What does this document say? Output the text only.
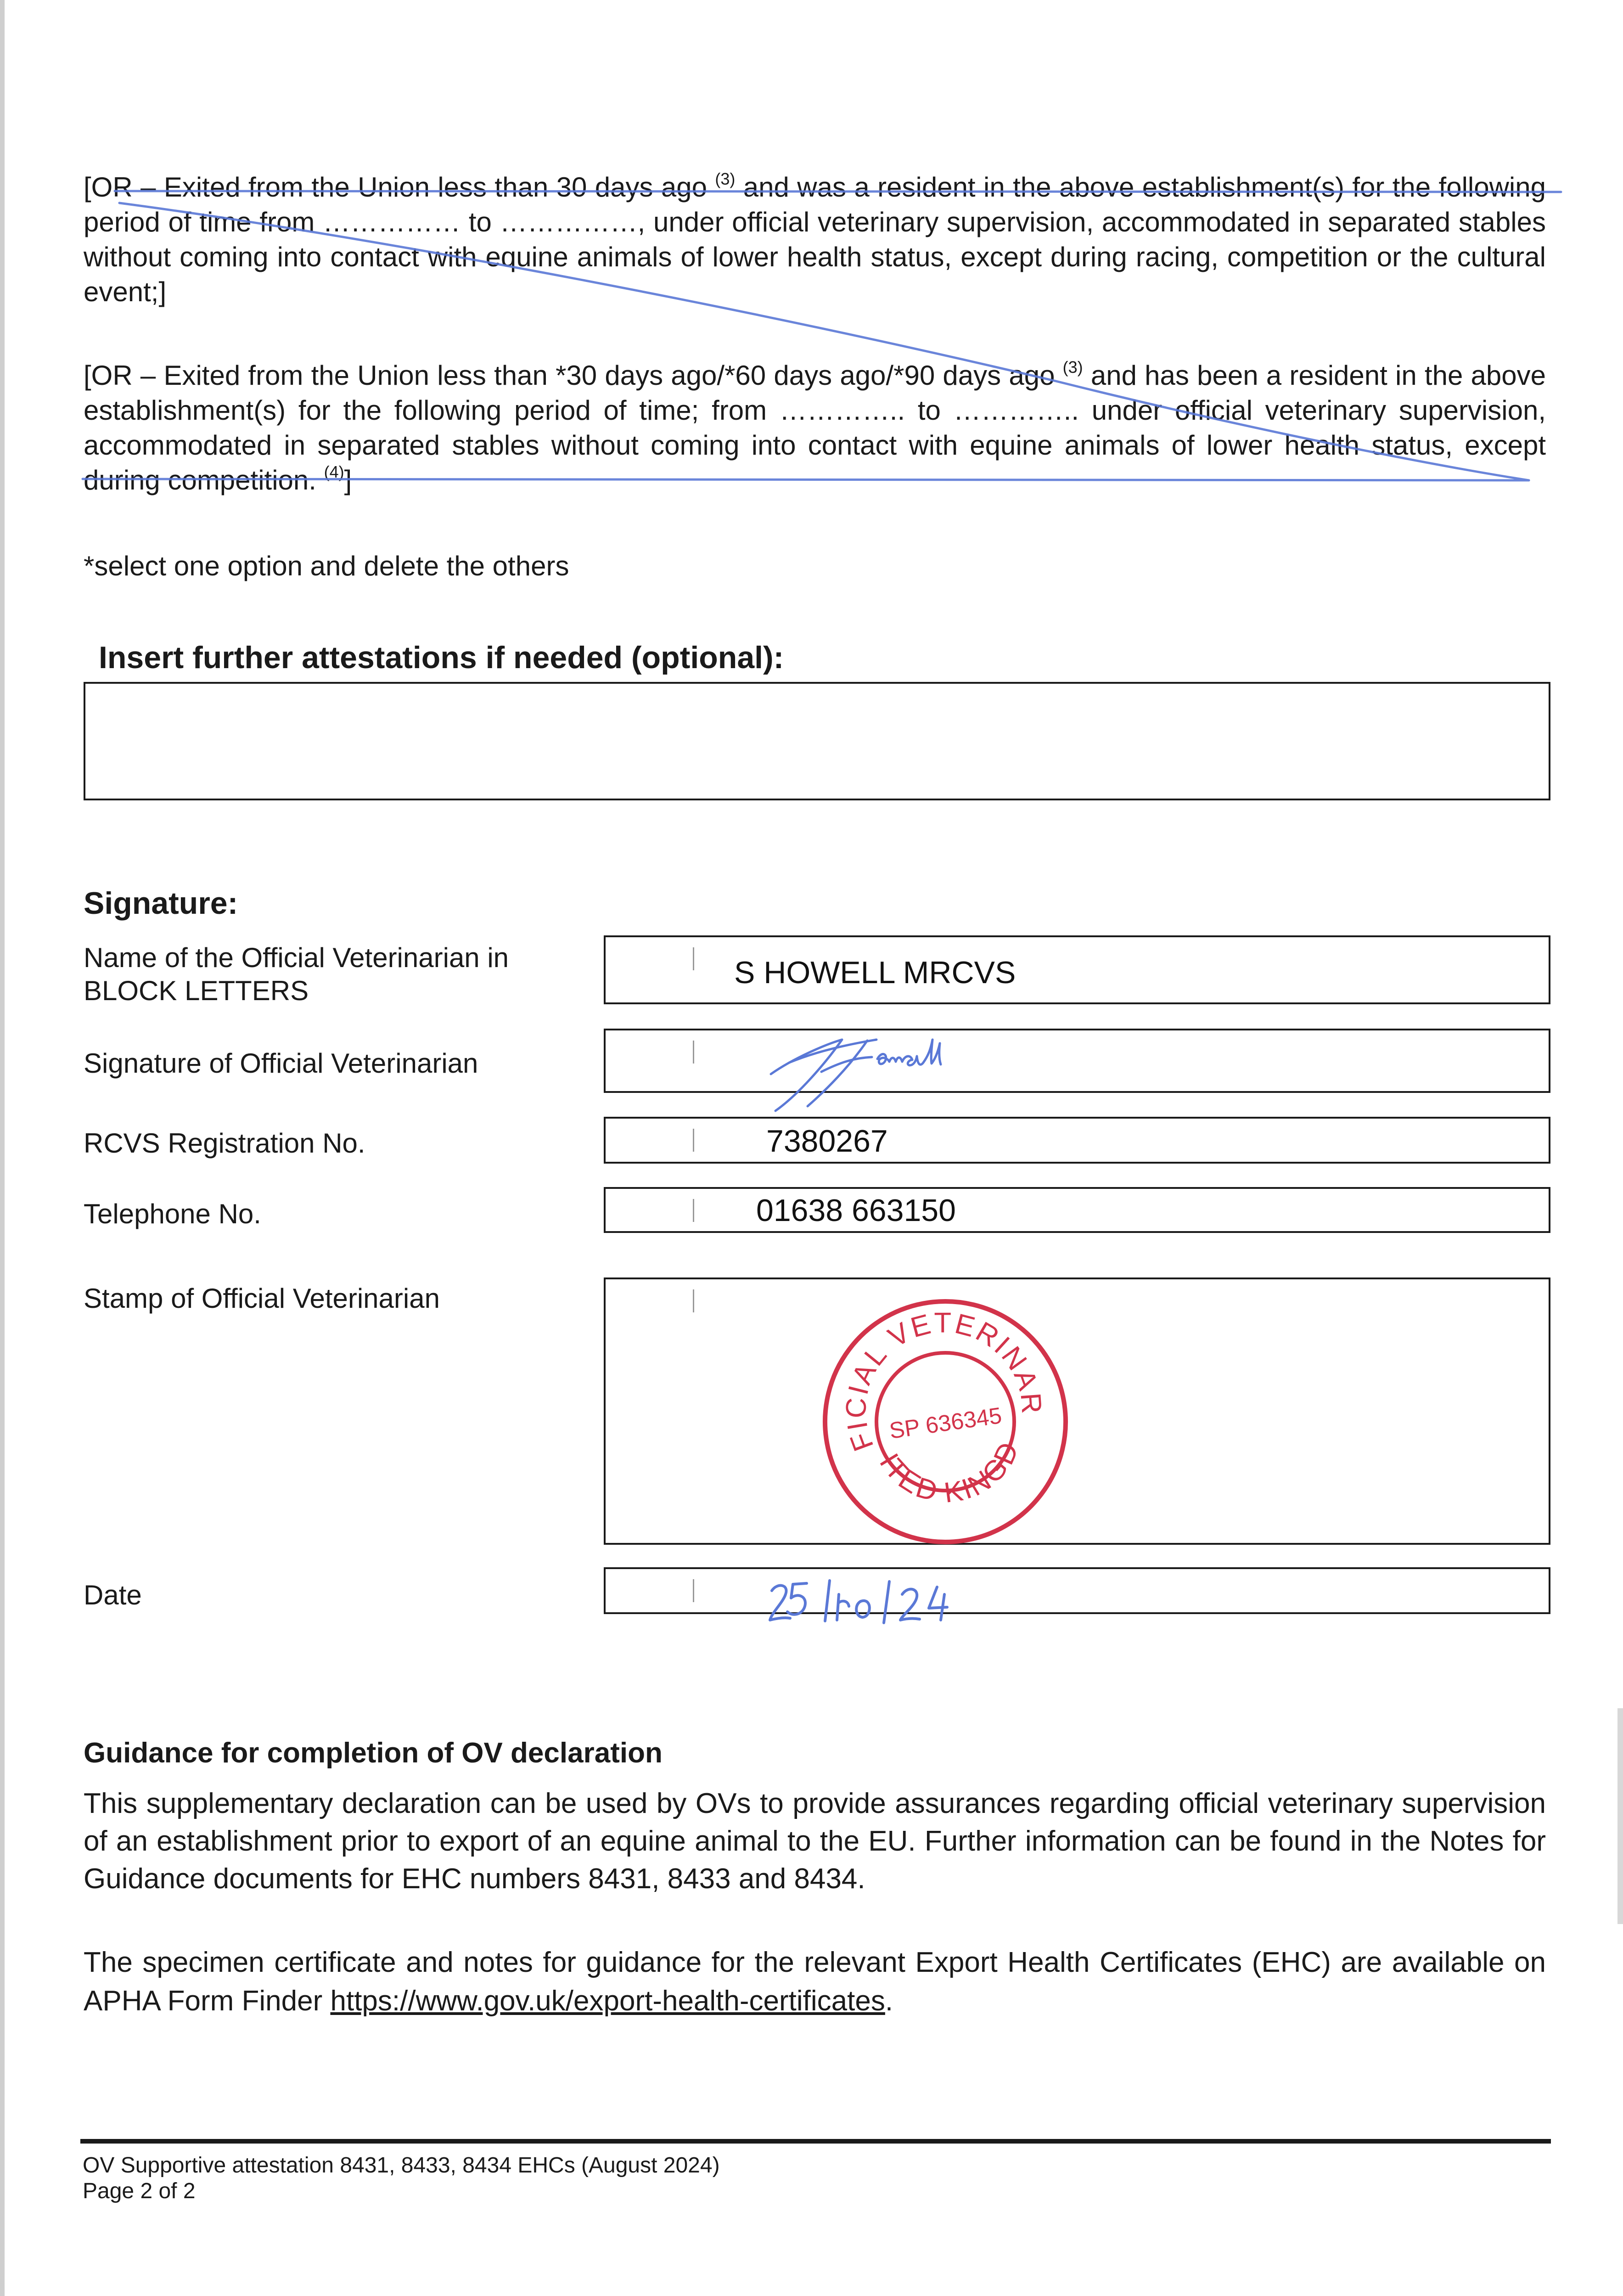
[OR – Exited from the Union less than 30 days ago $^{(3)}$ and was a resident in the above establishment(s) for the following period of time from …………… to ……………, under official veterinary supervision, accommodated in separated stables without coming into contact with equine animals of lower health status, except during racing, competition or the cultural event;]
[OR – Exited from the Union less than *30 days ago/*60 days ago/*90 days ago $^{(3)}$ and has been a resident in the above establishment(s) for the following period of time; from ………….. to ………….. under official veterinary supervision, accommodated in separated stables without coming into contact with equine animals of lower health status, except during competition. $^{(4)}$]
*select one option and delete the others
Insert further attestations if needed (optional):
Signature:
Name of the Official Veterinarian in BLOCK LETTERS
S HOWELL MRCVS
Signature of Official Veterinarian
RCVS Registration No.	7380267
Telephone No.	01638 663150
Stamp of Official Veterinarian	OFFICIAL VETERINARIAN
UNITED KINGDOM
SP 636345
Date
Guidance for completion of OV declaration
This supplementary declaration can be used by OVs to provide assurances regarding official veterinary supervision of an establishment prior to export of an equine animal to the EU. Further information can be found in the Notes for Guidance documents for EHC numbers 8431, 8433 and 8434.
The specimen certificate and notes for guidance for the relevant Export Health Certificates (EHC) are available on APHA Form Finder https://www.gov.uk/export-health-certificates.
OV Supportive attestation 8431, 8433, 8434 EHCs (August 2024)
Page 2 of 2
